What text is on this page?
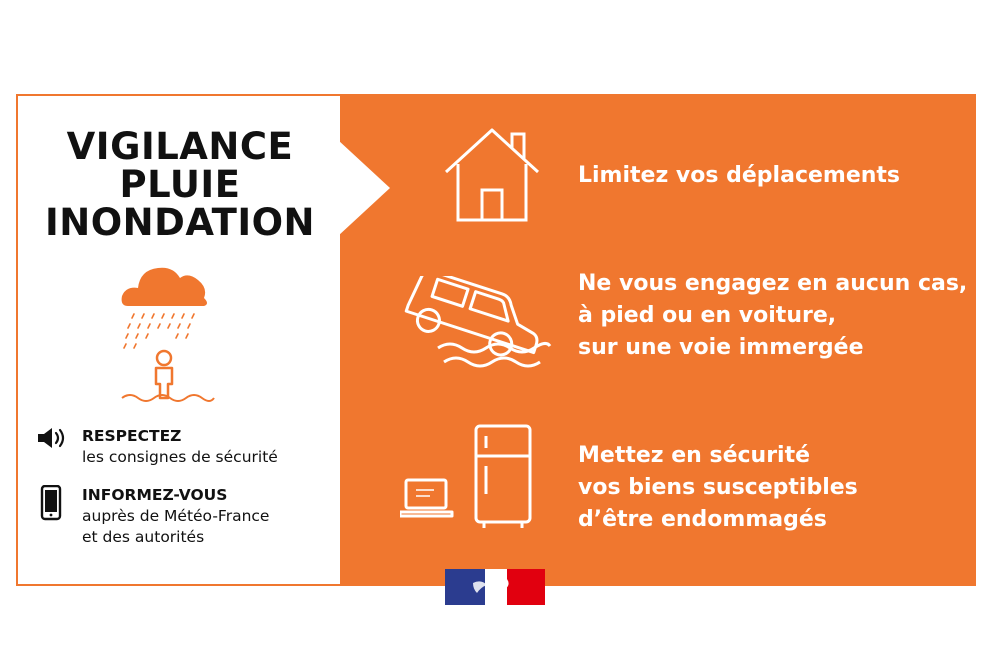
VIGILANCE
PLUIE
INONDATION
RESPECTEZ
les consignes de sécurité
INFORMEZ-VOUS
auprès de Météo-France
et des autorités
Limitez vos déplacements
Ne vous engagez en aucun cas,
à pied ou en voiture,
sur une voie immergée
Mettez en sécurité
vos biens susceptibles
d’être endommagés
